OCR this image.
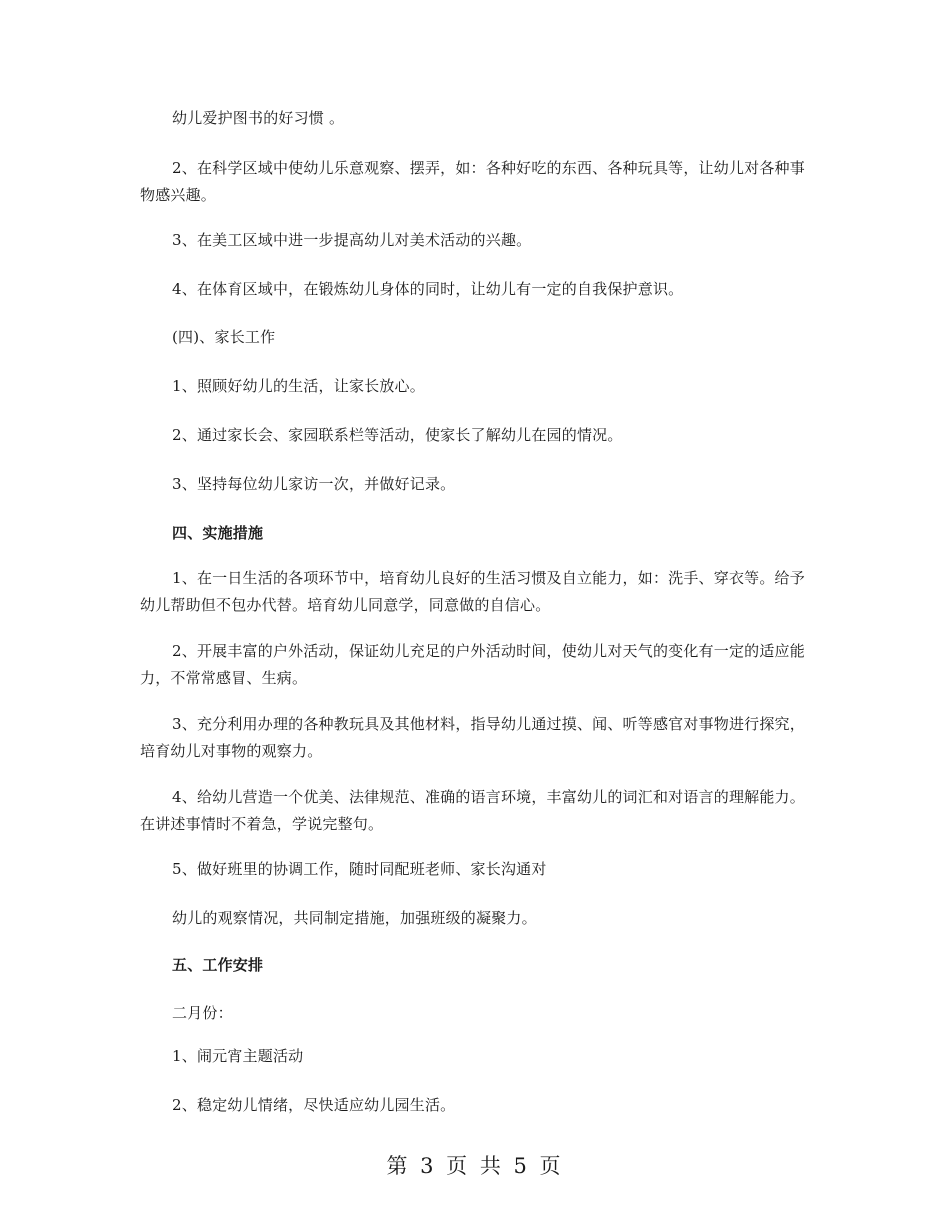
幼儿爱护图书的好习惯 。

2、在科学区域中使幼儿乐意观察、摆弄，如：各种好吃的东西、各种玩具等，让幼儿对各种事物感兴趣。

3、在美工区域中进一步提高幼儿对美术活动的兴趣。

4、在体育区域中，在锻炼幼儿身体的同时，让幼儿有一定的自我保护意识。

(四)、家长工作

1、照顾好幼儿的生活，让家长放心。

2、通过家长会、家园联系栏等活动，使家长了解幼儿在园的情况。

3、坚持每位幼儿家访一次，并做好记录。

四、实施措施

1、在一日生活的各项环节中，培育幼儿良好的生活习惯及自立能力，如：洗手、穿衣等。给予幼儿帮助但不包办代替。培育幼儿同意学，同意做的自信心。

2、开展丰富的户外活动，保证幼儿充足的户外活动时间，使幼儿对天气的变化有一定的适应能力，不常常感冒、生病。

3、充分利用办理的各种教玩具及其他材料，指导幼儿通过摸、闻、听等感官对事物进行探究，培育幼儿对事物的观察力。

4、给幼儿营造一个优美、法律规范、准确的语言环境，丰富幼儿的词汇和对语言的理解能力。在讲述事情时不着急，学说完整句。

5、做好班里的协调工作，随时同配班老师、家长沟通对

幼儿的观察情况，共同制定措施，加强班级的凝聚力。

五、工作安排

二月份：

1、闹元宵主题活动

2、稳定幼儿情绪，尽快适应幼儿园生活。

第 3 页 共 5 页
